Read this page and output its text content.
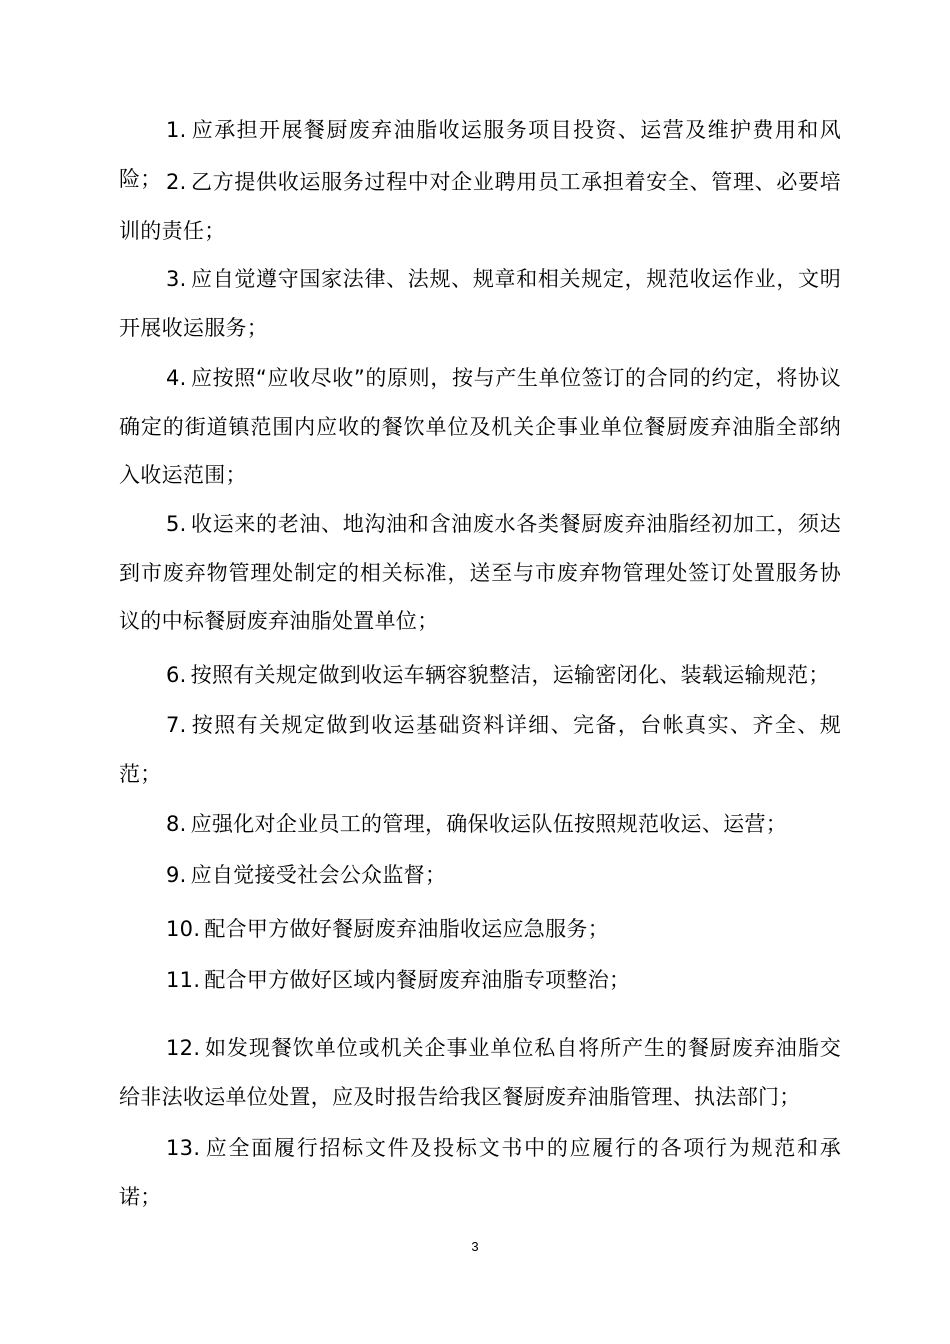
1. 应承担开展餐厨废弃油脂收运服务项目投资、运营及维护费用和风险； 2. 乙方提供收运服务过程中对企业聘用员工承担着安全、管理、必要培训的责任；

3. 应自觉遵守国家法律、法规、规章和相关规定，规范收运作业，文明开展收运服务；

4. 应按照“应收尽收”的原则，按与产生单位签订的合同的约定，将协议确定的街道镇范围内应收的餐饮单位及机关企事业单位餐厨废弃油脂全部纳入收运范围；

5. 收运来的老油、地沟油和含油废水各类餐厨废弃油脂经初加工，须达到市废弃物管理处制定的相关标准，送至与市废弃物管理处签订处置服务协议的中标餐厨废弃油脂处置单位；

6. 按照有关规定做到收运车辆容貌整洁，运输密闭化、装载运输规范；

7. 按照有关规定做到收运基础资料详细、完备，台帐真实、齐全、规范；

8. 应强化对企业员工的管理，确保收运队伍按照规范收运、运营；

9. 应自觉接受社会公众监督；

10. 配合甲方做好餐厨废弃油脂收运应急服务；

11. 配合甲方做好区域内餐厨废弃油脂专项整治；

12. 如发现餐饮单位或机关企事业单位私自将所产生的餐厨废弃油脂交给非法收运单位处置，应及时报告给我区餐厨废弃油脂管理、执法部门；

13. 应全面履行招标文件及投标文书中的应履行的各项行为规范和承诺；

3
